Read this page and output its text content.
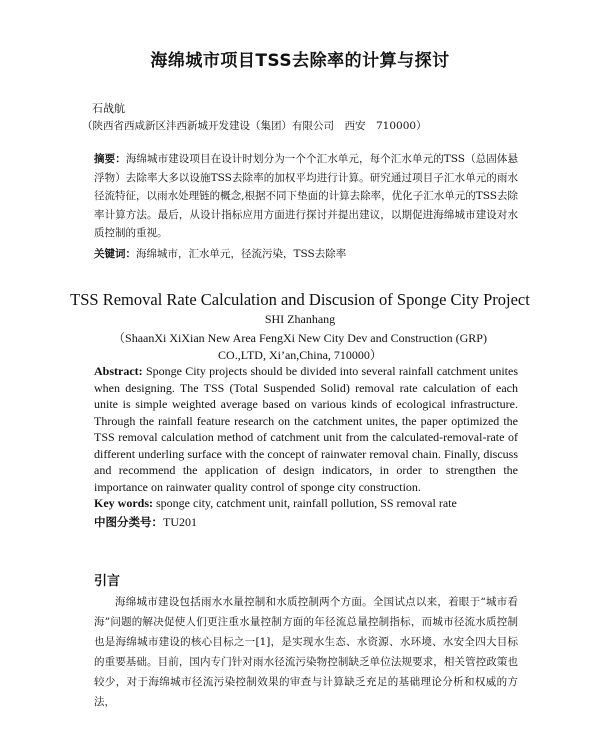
海绵城市项目TSS去除率的计算与探讨
石战航
（陕西省西咸新区沣西新城开发建设（集团）有限公司　西安　710000）
摘要：海绵城市建设项目在设计时划分为一个个汇水单元，每个汇水单元的TSS（总固体悬浮物）去除率大多以设施TSS去除率的加权平均进行计算。研究通过项目子汇水单元的雨水径流特征，以雨水处理链的概念,根据不同下垫面的计算去除率，优化子汇水单元的TSS去除率计算方法。最后，从设计指标应用方面进行探讨并提出建议，以期促进海绵城市建设对水质控制的重视。
关键词：海绵城市，汇水单元，径流污染，TSS去除率
TSS Removal Rate Calculation and Discusion of Sponge City Project
SHI Zhanhang
（ShaanXi XiXian New Area FengXi New City Dev and Construction (GRP)
CO.,LTD, Xi’an,China, 710000）
Abstract: Sponge City projects should be divided into several rainfall catchment unites when designing. The TSS (Total Suspended Solid) removal rate calculation of each unite is simple weighted average based on various kinds of ecological infrastructure. Through the rainfall feature research on the catchment unites, the paper optimized the TSS removal calculation method of catchment unit from the calculated-removal-rate of different underling surface with the concept of rainwater removal chain. Finally, discuss and recommend the application of design indicators, in order to strengthen the importance on rainwater quality control of sponge city construction.
Key words: sponge city, catchment unit, rainfall pollution, SS removal rate
中图分类号：TU201
引言
海绵城市建设包括雨水水量控制和水质控制两个方面。全国试点以来，着眼于“城市看海”问题的解决促使人们更注重水量控制方面的年径流总量控制指标，而城市径流水质控制也是海绵城市建设的核心目标之一[1]，是实现水生态、水资源、水环境、水安全四大目标的重要基础。目前，国内专门针对雨水径流污染物控制缺乏单位法规要求，相关管控政策也较少，对于海绵城市径流污染控制效果的审查与计算缺乏充足的基础理论分析和权威的方法，
